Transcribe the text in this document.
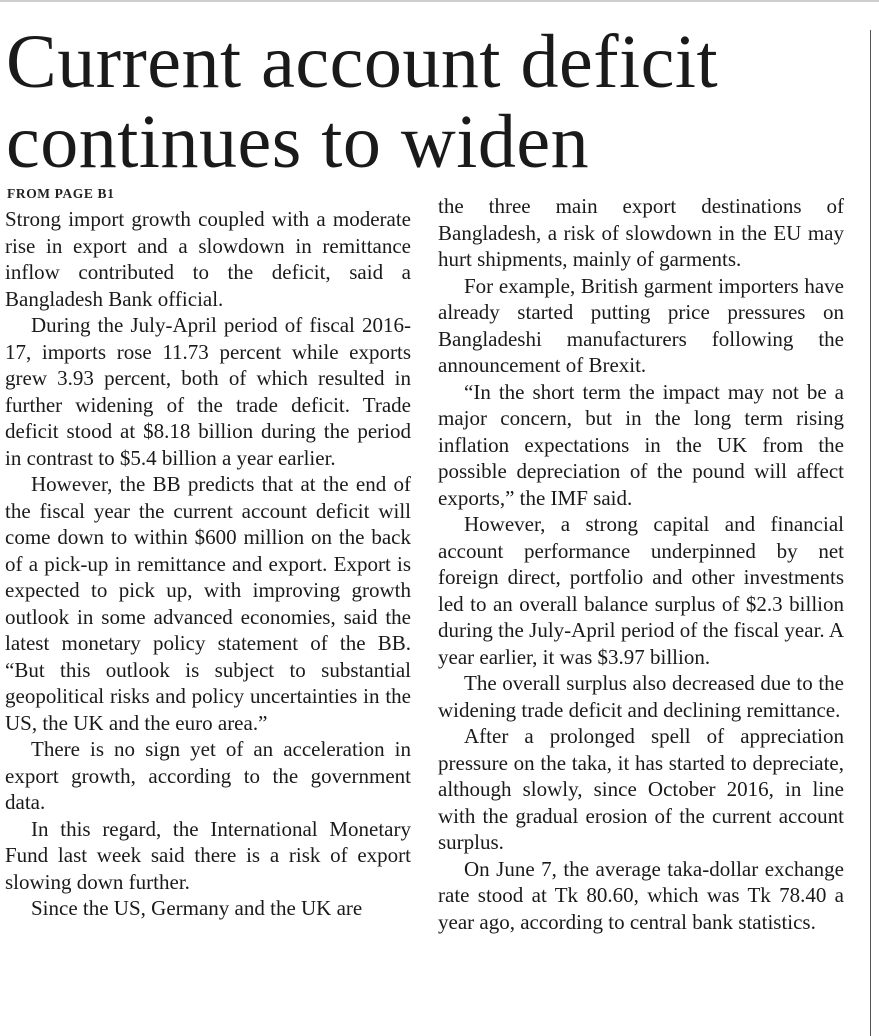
Current account deficit
continues to widen
FROM PAGE B1

Strong import growth coupled with a moderate rise in export and a slowdown in remittance inflow contributed to the deficit, said a Bangladesh Bank official.

During the July-April period of fiscal 2016-17, imports rose 11.73 percent while exports grew 3.93 percent, both of which resulted in further widening of the trade deficit. Trade deficit stood at $8.18 billion during the period in contrast to $5.4 billion a year earlier.

However, the BB predicts that at the end of the fiscal year the current account deficit will come down to within $600 million on the back of a pick-up in remittance and export. Export is expected to pick up, with improving growth outlook in some advanced economies, said the latest monetary policy statement of the BB. “But this outlook is subject to substantial geopolitical risks and policy uncertainties in the US, the UK and the euro area.”

There is no sign yet of an acceleration in export growth, according to the government data.

In this regard, the International Monetary Fund last week said there is a risk of export slowing down further.

Since the US, Germany and the UK are

the three main export destinations of Bangladesh, a risk of slowdown in the EU may hurt shipments, mainly of garments.

For example, British garment importers have already started putting price pressures on Bangladeshi manufacturers following the announcement of Brexit.

“In the short term the impact may not be a major concern, but in the long term rising inflation expectations in the UK from the possible depreciation of the pound will affect exports,” the IMF said.

However, a strong capital and financial account performance underpinned by net foreign direct, portfolio and other investments led to an overall balance surplus of $2.3 billion during the July-April period of the fiscal year. A year earlier, it was $3.97 billion.

The overall surplus also decreased due to the widening trade deficit and declining remittance.

After a prolonged spell of appreciation pressure on the taka, it has started to depreciate, although slowly, since October 2016, in line with the gradual erosion of the current account surplus.

On June 7, the average taka-dollar exchange rate stood at Tk 80.60, which was Tk 78.40 a year ago, according to central bank statistics.
